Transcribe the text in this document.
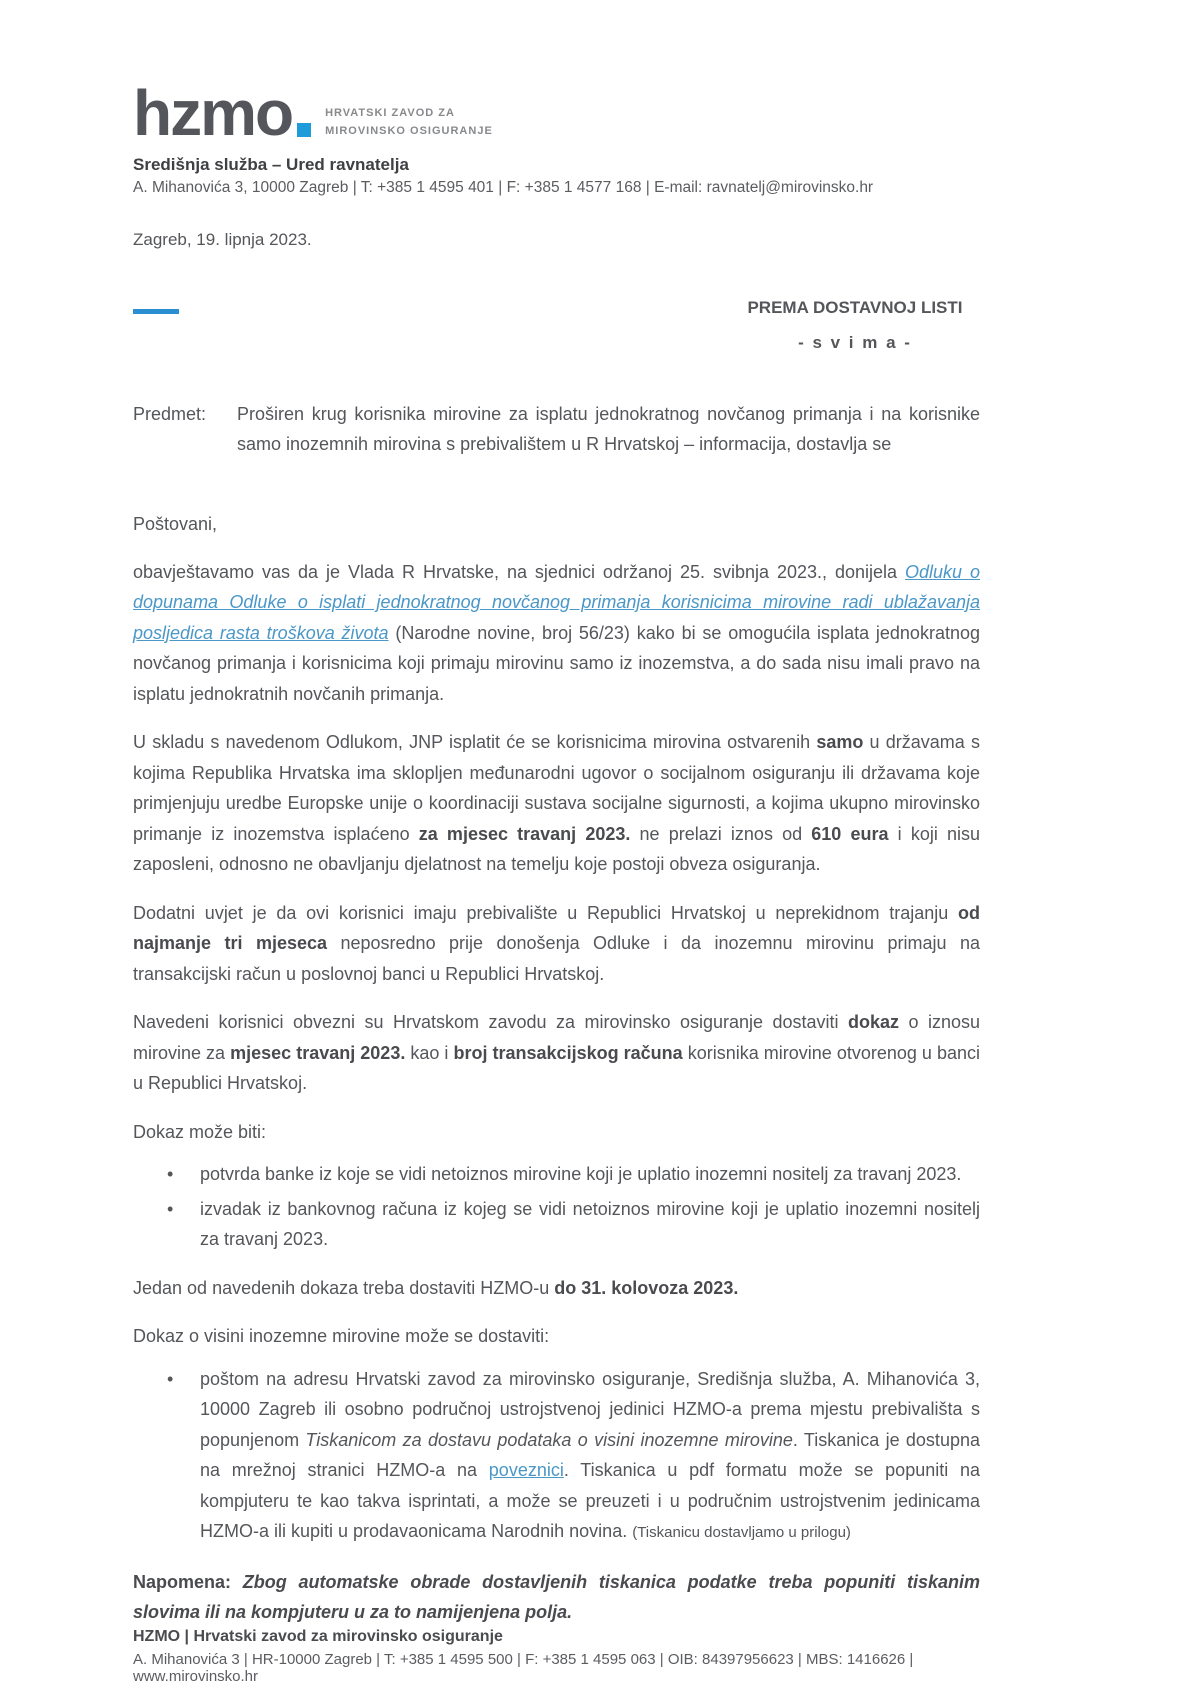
hzmo	HRVATSKI ZAVOD ZA
MIROVINSKO OSIGURANJE
Središnja služba – Ured ravnatelja
A. Mihanovića 3, 10000 Zagreb | T: +385 1 4595 401 | F: +385 1 4577 168 | E-mail: ravnatelj@mirovinsko.hr
Zagreb, 19. lipnja 2023.
PREMA DOSTAVNOJ LISTI
- s v i m a -
Predmet:	Proširen krug korisnika mirovine za isplatu jednokratnog novčanog primanja i na korisnike samo inozemnih mirovina s prebivalištem u R Hrvatskoj – informacija, dostavlja se
Poštovani,

obavještavamo vas da je Vlada R Hrvatske, na sjednici održanoj 25. svibnja 2023., donijela Odluku o dopunama Odluke o isplati jednokratnog novčanog primanja korisnicima mirovine radi ublažavanja posljedica rasta troškova života (Narodne novine, broj 56/23) kako bi se omogućila isplata jednokratnog novčanog primanja i korisnicima koji primaju mirovinu samo iz inozemstva, a do sada nisu imali pravo na isplatu jednokratnih novčanih primanja.

U skladu s navedenom Odlukom, JNP isplatit će se korisnicima mirovina ostvarenih samo u državama s kojima Republika Hrvatska ima sklopljen međunarodni ugovor o socijalnom osiguranju ili državama koje primjenjuju uredbe Europske unije o koordinaciji sustava socijalne sigurnosti, a kojima ukupno mirovinsko primanje iz inozemstva isplaćeno za mjesec travanj 2023. ne prelazi iznos od 610 eura i koji nisu zaposleni, odnosno ne obavljanju djelatnost na temelju koje postoji obveza osiguranja.

Dodatni uvjet je da ovi korisnici imaju prebivalište u Republici Hrvatskoj u neprekidnom trajanju od najmanje tri mjeseca neposredno prije donošenja Odluke i da inozemnu mirovinu primaju na transakcijski račun u poslovnoj banci u Republici Hrvatskoj.

Navedeni korisnici obvezni su Hrvatskom zavodu za mirovinsko osiguranje dostaviti dokaz o iznosu mirovine za mjesec travanj 2023. kao i broj transakcijskog računa korisnika mirovine otvorenog u banci u Republici Hrvatskoj.

Dokaz može biti:

• potvrda banke iz koje se vidi netoiznos mirovine koji je uplatio inozemni nositelj za travanj 2023.
• izvadak iz bankovnog računa iz kojeg se vidi netoiznos mirovine koji je uplatio inozemni nositelj za travanj 2023.

Jedan od navedenih dokaza treba dostaviti HZMO-u do 31. kolovoza 2023.

Dokaz o visini inozemne mirovine može se dostaviti:

• poštom na adresu Hrvatski zavod za mirovinsko osiguranje, Središnja služba, A. Mihanovića 3, 10000 Zagreb ili osobno područnoj ustrojstvenoj jedinici HZMO-a prema mjestu prebivališta s popunjenom Tiskanicom za dostavu podataka o visini inozemne mirovine. Tiskanica je dostupna na mrežnoj stranici HZMO-a na poveznici. Tiskanica u pdf formatu može se popuniti na kompjuteru te kao takva isprintati, a može se preuzeti i u područnim ustrojstvenim jedinicama HZMO-a ili kupiti u prodavaonicama Narodnih novina. (Tiskanicu dostavljamo u prilogu)

Napomena: Zbog automatske obrade dostavljenih tiskanica podatke treba popuniti tiskanim slovima ili na kompjuteru u za to namijenjena polja.

HZMO | Hrvatski zavod za mirovinsko osiguranje
A. Mihanovića 3 | HR-10000 Zagreb | T: +385 1 4595 500 | F: +385 1 4595 063 | OIB: 84397956623 | MBS: 1416626 | www.mirovinsko.hr
